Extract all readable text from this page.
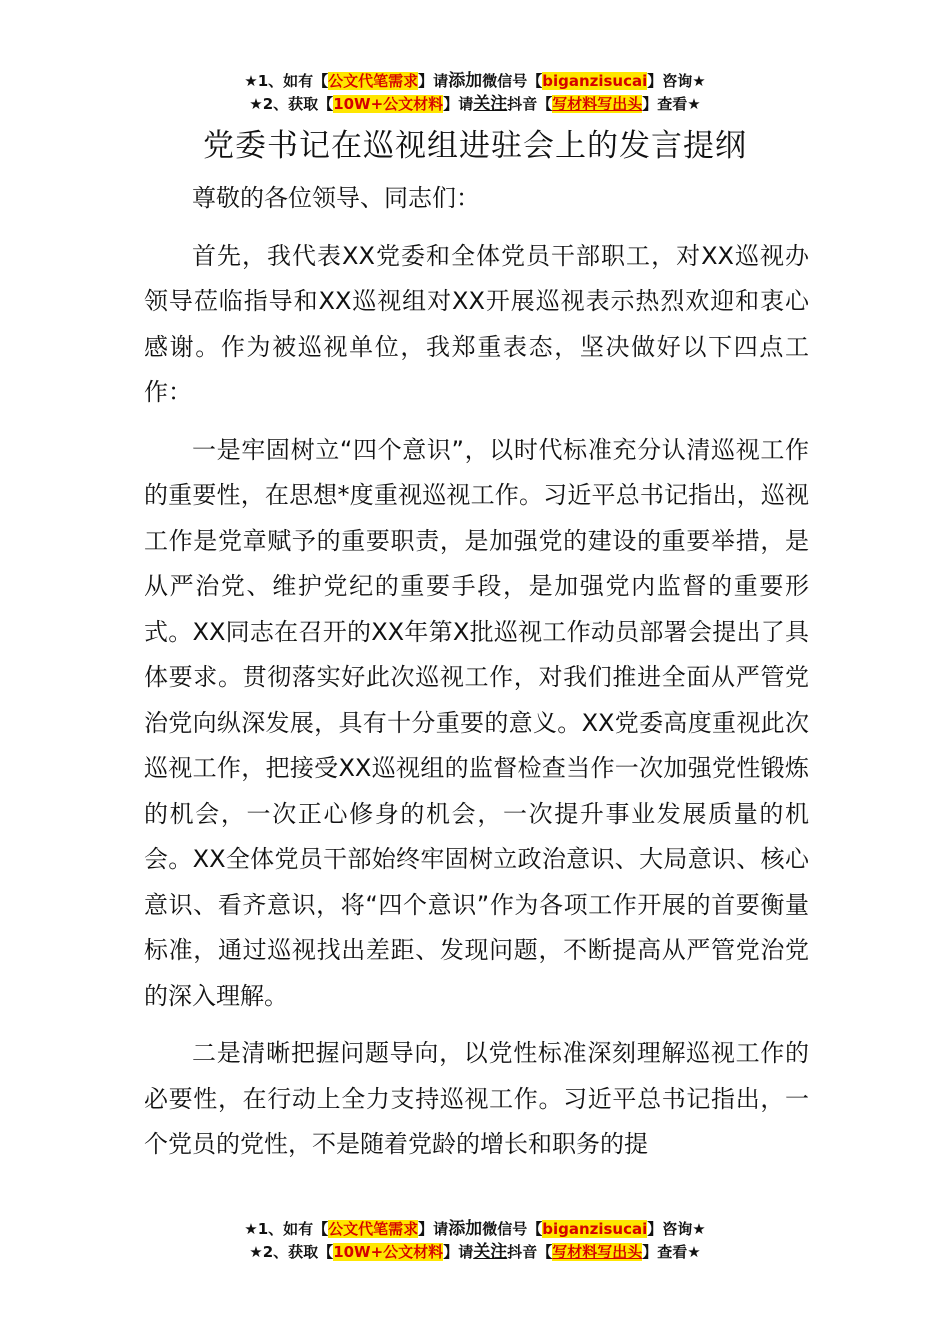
★1、如有【公文代笔需求】请添加微信号【biganzisucai】咨询★
★2、获取【10W+公文材料】请关注抖音【写材料写出头】查看★
党委书记在巡视组进驻会上的发言提纲

尊敬的各位领导、同志们：

首先，我代表XX党委和全体党员干部职工，对XX巡视办领导莅临指导和XX巡视组对XX开展巡视表示热烈欢迎和衷心感谢。作为被巡视单位，我郑重表态，坚决做好以下四点工作：

一是牢固树立“四个意识”，以时代标准充分认清巡视工作的重要性，在思想*度重视巡视工作。习近平总书记指出，巡视工作是党章赋予的重要职责，是加强党的建设的重要举措，是从严治党、维护党纪的重要手段，是加强党内监督的重要形式。XX同志在召开的XX年第X批巡视工作动员部署会提出了具体要求。贯彻落实好此次巡视工作，对我们推进全面从严管党治党向纵深发展，具有十分重要的意义。XX党委高度重视此次巡视工作，把接受XX巡视组的监督检查当作一次加强党性锻炼的机会，一次正心修身的机会，一次提升事业发展质量的机会。XX全体党员干部始终牢固树立政治意识、大局意识、核心意识、看齐意识，将“四个意识”作为各项工作开展的首要衡量标准，通过巡视找出差距、发现问题，不断提高从严管党治党的深入理解。

二是清晰把握问题导向，以党性标准深刻理解巡视工作的必要性，在行动上全力支持巡视工作。习近平总书记指出，一个党员的党性，不是随着党龄的增长和职务的提

★1、如有【公文代笔需求】请添加微信号【biganzisucai】咨询★
★2、获取【10W+公文材料】请关注抖音【写材料写出头】查看★
